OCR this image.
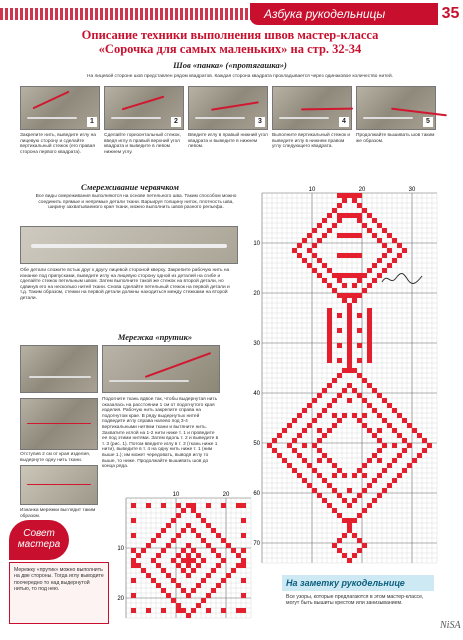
Азбука рукодельницы	35
Описание техники выполнения швов мастер-класса
«Сорочка для самых маленьких» на стр. 32-34
Шов «панка» («протягашка»)
На лицевой стороне шов представлен рядом квадратов. Каждая сторона квадрата прокладывается через одинаковое количество нитей.
1
Закрепите нить, выведите иглу на лицевую сторону и сделайте вертикальный стежок (его правая сторона первого квадрата).
2
Сделайте горизонтальный стежок, введя иглу в правый верхний угол квадрата и выведите в левом нижнем углу.
3
Введите иглу в правый нижний угол квадрата и выведите в нижнем левом.
4
Выполните вертикальный стежок и выведите иглу в нижнем правом углу следующего квадрата.
5
Продолжайте вышивать шов таким же образом.
Смереживание червячком
Все виды смереживания выполняются на основе петельного шва. Таким способом можно соединить прямые и непрямые детали ткани. Варьируя толщину ниток, плотность шва, ширину захватываемого края ткани, можно выполнить швов разного рельефа.
Обе детали сложите встык друг к другу лицевой стороной кверху. Закрепите рабочую нить на изнанке под припусками, выведите иглу на лицевую сторону одной из деталей на сгибе и сделайте стежок петельным швом. Затем выполните такой же стежок на второй детали, но сдвинув его на несколько нитей ткани. Снова сделайте петельный стежок на первой детали и т.д. Таким образом, стежки на первой детали должны находиться между стежками на второй детали.
Мережка «прутик»
Отступив 2 см от края изделия, выдернуте одну нить ткани.
Подогните ткань вдвое так, чтобы выдернутая нить оказалась на расстоянии 1 см от подогнутого края изделия. Рабочую нить закрепите справа на подогнутом крае. В ряду выдернутых нитей подведите иглу справа налево под 3-4 вертикальными нитями ткани и вытяните нить. Захватите иглой на 1-2 нити ниже т. 1 и проведите ее под этими нитями. Затем вдоль т. 2 и выведите в т. 3 (рис. 1). Потом введите иглу в т. 3 (ткань ниже 1 нити), выведите в т. 4 на одну нить ниже т. 1 (ним выше 1.); им может чередовать, выводя иглу то выше, то ниже. Продолжайте вышивать шов до конца ряда.
Изнанка мережки выглядит таким образом.
10	20	30
10
20
30
40
50
60
70
10	20
10
20
Совет
мастера
Мережку «прутик» можно выполнить на две стороны. Тогда иглу выводите поочередно то над выдернутой нитью, то под нею.
На заметку рукодельнице
Все узоры, которые предлагаются в этом мастер-классе, могут быть вышиты крестом или занизыванием.
NiSA
